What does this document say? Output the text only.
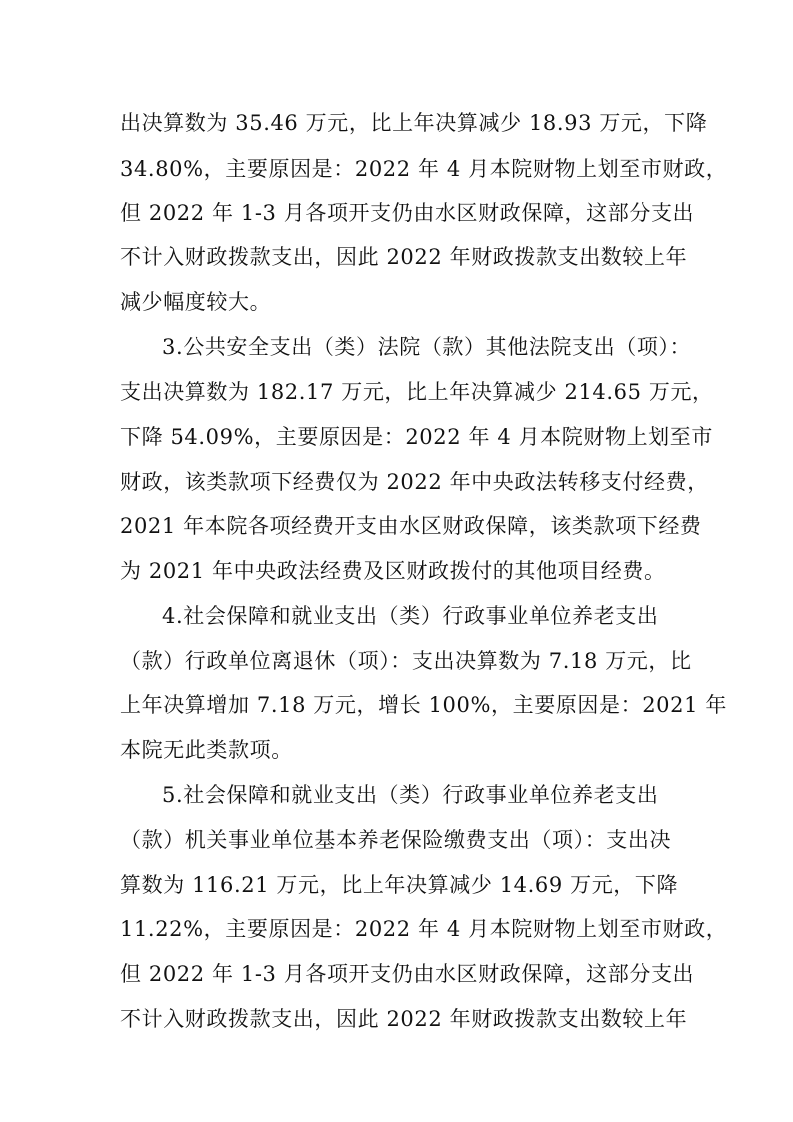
出决算数为 35.46 万元，比上年决算减少 18.93 万元，下降
34.80%，主要原因是：2022 年 4 月本院财物上划至市财政，
但 2022 年 1-3 月各项开支仍由水区财政保障，这部分支出
不计入财政拨款支出，因此 2022 年财政拨款支出数较上年
减少幅度较大。
3.公共安全支出（类）法院（款）其他法院支出（项）：
支出决算数为 182.17 万元，比上年决算减少 214.65 万元，
下降 54.09%，主要原因是：2022 年 4 月本院财物上划至市
财政，该类款项下经费仅为 2022 年中央政法转移支付经费，
2021 年本院各项经费开支由水区财政保障，该类款项下经费
为 2021 年中央政法经费及区财政拨付的其他项目经费。
4.社会保障和就业支出（类）行政事业单位养老支出
（款）行政单位离退休（项）：支出决算数为 7.18 万元，比
上年决算增加 7.18 万元，增长 100%，主要原因是：2021 年
本院无此类款项。
5.社会保障和就业支出（类）行政事业单位养老支出
（款）机关事业单位基本养老保险缴费支出（项）：支出决
算数为 116.21 万元，比上年决算减少 14.69 万元，下降
11.22%，主要原因是：2022 年 4 月本院财物上划至市财政，
但 2022 年 1-3 月各项开支仍由水区财政保障，这部分支出
不计入财政拨款支出，因此 2022 年财政拨款支出数较上年
